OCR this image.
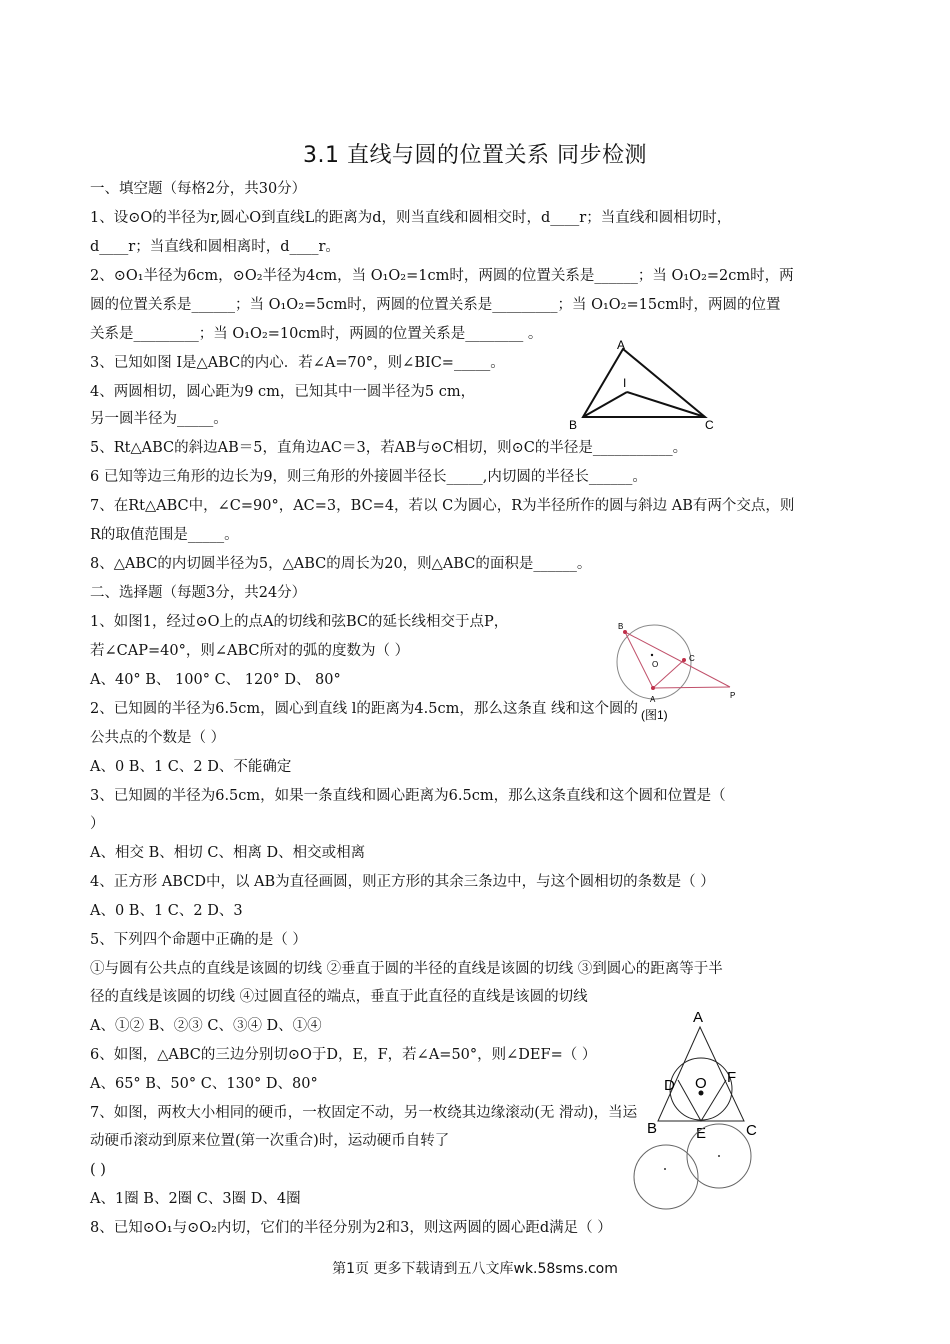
3.1 直线与圆的位置关系 同步检测
一、填空题（每格2分，共30分）
1、设⊙O的半径为r,圆心O到直线L的距离为d，则当直线和圆相交时，d____r；当直线和圆相切时，
d____r；当直线和圆相离时，d____r。
2、⊙O₁半径为6cm，⊙O₂半径为4cm，当 O₁O₂=1cm时，两圆的位置关系是______；当 O₁O₂=2cm时，两
圆的位置关系是______；当 O₁O₂=5cm时，两圆的位置关系是_________；当 O₁O₂=15cm时，两圆的位置
关系是_________；当 O₁O₂=10cm时，两圆的位置关系是________ 。
3、已知如图 I是△ABC的内心．若∠A=70°，则∠BIC=_____。
4、两圆相切，圆心距为9 cm，已知其中一圆半径为5 cm，
另一圆半径为_____。
5、Rt△ABC的斜边AB＝5，直角边AC＝3，若AB与⊙C相切，则⊙C的半径是___________。
6 已知等边三角形的边长为9，则三角形的外接圆半径长_____,内切圆的半径长______。
7、在Rt△ABC中，∠C=90°，AC=3，BC=4，若以 C为圆心，R为半径所作的圆与斜边 AB有两个交点，则
R的取值范围是_____。
8、△ABC的内切圆半径为5，△ABC的周长为20，则△ABC的面积是______。
二、选择题（每题3分，共24分）
1、如图1，经过⊙O上的点A的切线和弦BC的延长线相交于点P，
若∠CAP=40°，则∠ABC所对的弧的度数为（ ）
A、40° B、 100° C、 120° D、 80°
2、已知圆的半径为6.5cm，圆心到直线 l的距离为4.5cm，那么这条直 线和这个圆的
公共点的个数是（ ）
A、0 B、1 C、2 D、不能确定
3、已知圆的半径为6.5cm，如果一条直线和圆心距离为6.5cm，那么这条直线和这个圆和位置是（
）
A、相交 B、相切 C、相离 D、相交或相离
4、正方形 ABCD中，以 AB为直径画圆，则正方形的其余三条边中，与这个圆相切的条数是（ ）
A、0 B、1 C、2 D、3
5、下列四个命题中正确的是（ ）
①与圆有公共点的直线是该圆的切线 ②垂直于圆的半径的直线是该圆的切线 ③到圆心的距离等于半
径的直线是该圆的切线 ④过圆直径的端点，垂直于此直径的直线是该圆的切线
A、①② B、②③ C、③④ D、①④
6、如图，△ABC的三边分别切⊙O于D，E，F，若∠A=50°，则∠DEF=（ ）
A、65° B、50° C、130° D、80°
7、如图，两枚大小相同的硬币，一枚固定不动，另一枚绕其边缘滚动(无 滑动)，当运
动硬币滚动到原来位置(第一次重合)时，运动硬币自转了
( )
A、1圈 B、2圈 C、3圈 D、4圈
8、已知⊙O₁与⊙O₂内切，它们的半径分别为2和3，则这两圆的圆心距d满足（ ）
A
B	C
I
B
O
C
A	P
(图1)
A
D O F
B	E	C
第1页 更多下载请到五八文库wk.58sms.com
